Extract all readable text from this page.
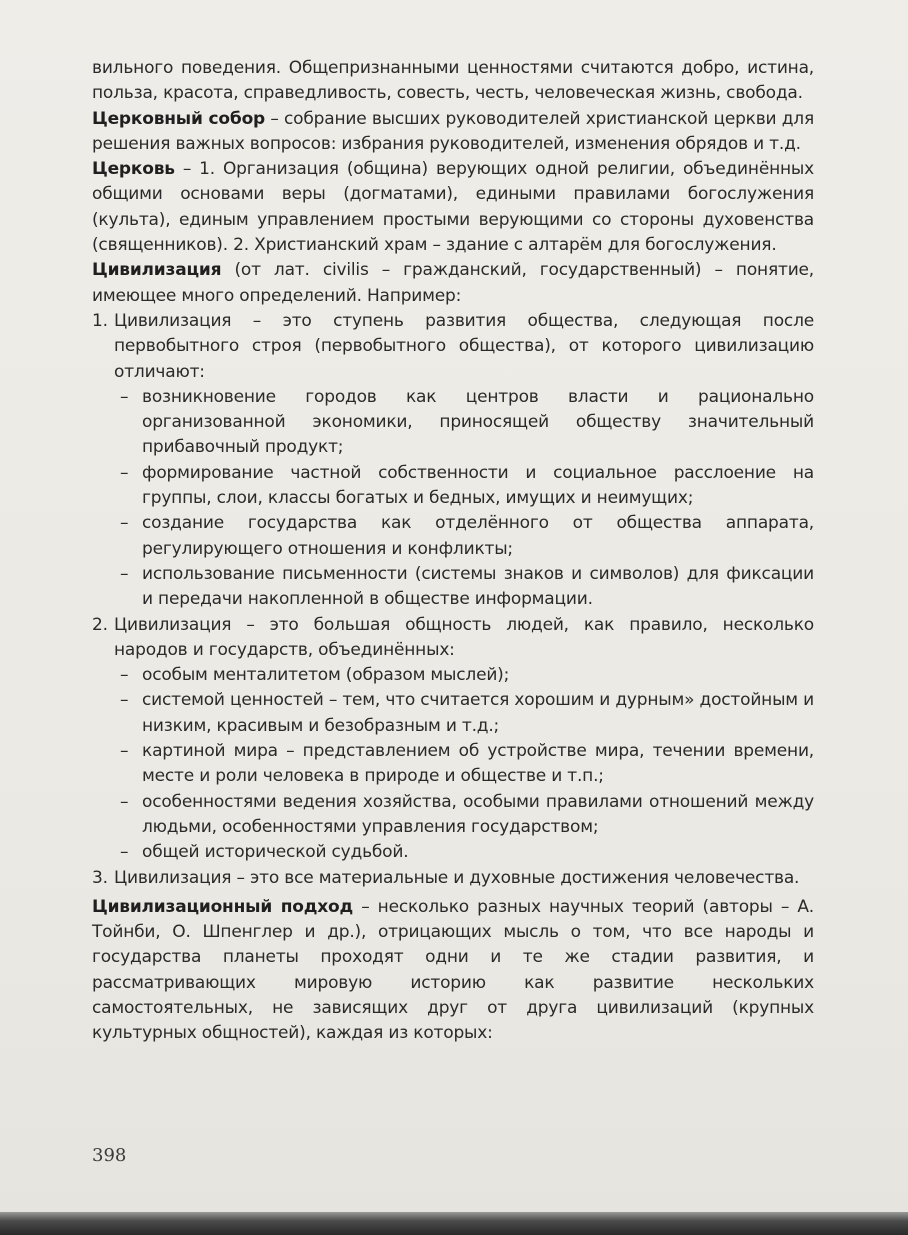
вильного поведения. Общепризнанными ценностями считаются добро, истина, польза, красота, справедливость, совесть, честь, человеческая жизнь, свобода.

Церковный собор – собрание высших руководителей христианской церкви для решения важных вопросов: избрания руководителей, изменения обрядов и т.д.

Церковь – 1. Организация (община) верующих одной религии, объединённых общими основами веры (догматами), едиными правилами богослужения (культа), единым управлением простыми верующими со стороны духовенства (священников). 2. Христианский храм – здание с алтарём для богослужения.

Цивилизация (от лат. civilis – гражданский, государственный) – понятие, имеющее много определений. Например:

1. Цивилизация – это ступень развития общества, следующая после первобытного строя (первобытного общества), от которого цивилизацию отличают:

– возникновение городов как центров власти и рационально организованной экономики, приносящей обществу значительный прибавочный продукт;

– формирование частной собственности и социальное расслоение на группы, слои, классы богатых и бедных, имущих и неимущих;

– создание государства как отделённого от общества аппарата, регулирующего отношения и конфликты;

– использование письменности (системы знаков и символов) для фиксации и передачи накопленной в обществе информации.

2. Цивилизация – это большая общность людей, как правило, несколько народов и государств, объединённых:

– особым менталитетом (образом мыслей);

– системой ценностей – тем, что считается хорошим и дурным» достойным и низким, красивым и безобразным и т.д.;

– картиной мира – представлением об устройстве мира, течении времени, месте и роли человека в природе и обществе и т.п.;

– особенностями ведения хозяйства, особыми правилами отношений между людьми, особенностями управления государством;

– общей исторической судьбой.

3. Цивилизация – это все материальные и духовные достижения человечества.

Цивилизационный подход – несколько разных научных теорий (авторы – А. Тойнби, О. Шпенглер и др.), отрицающих мысль о том, что все народы и государства планеты проходят одни и те же стадии развития, и рассматривающих мировую историю как развитие нескольких самостоятельных, не зависящих друг от друга цивилизаций (крупных культурных общностей), каждая из которых:

398
